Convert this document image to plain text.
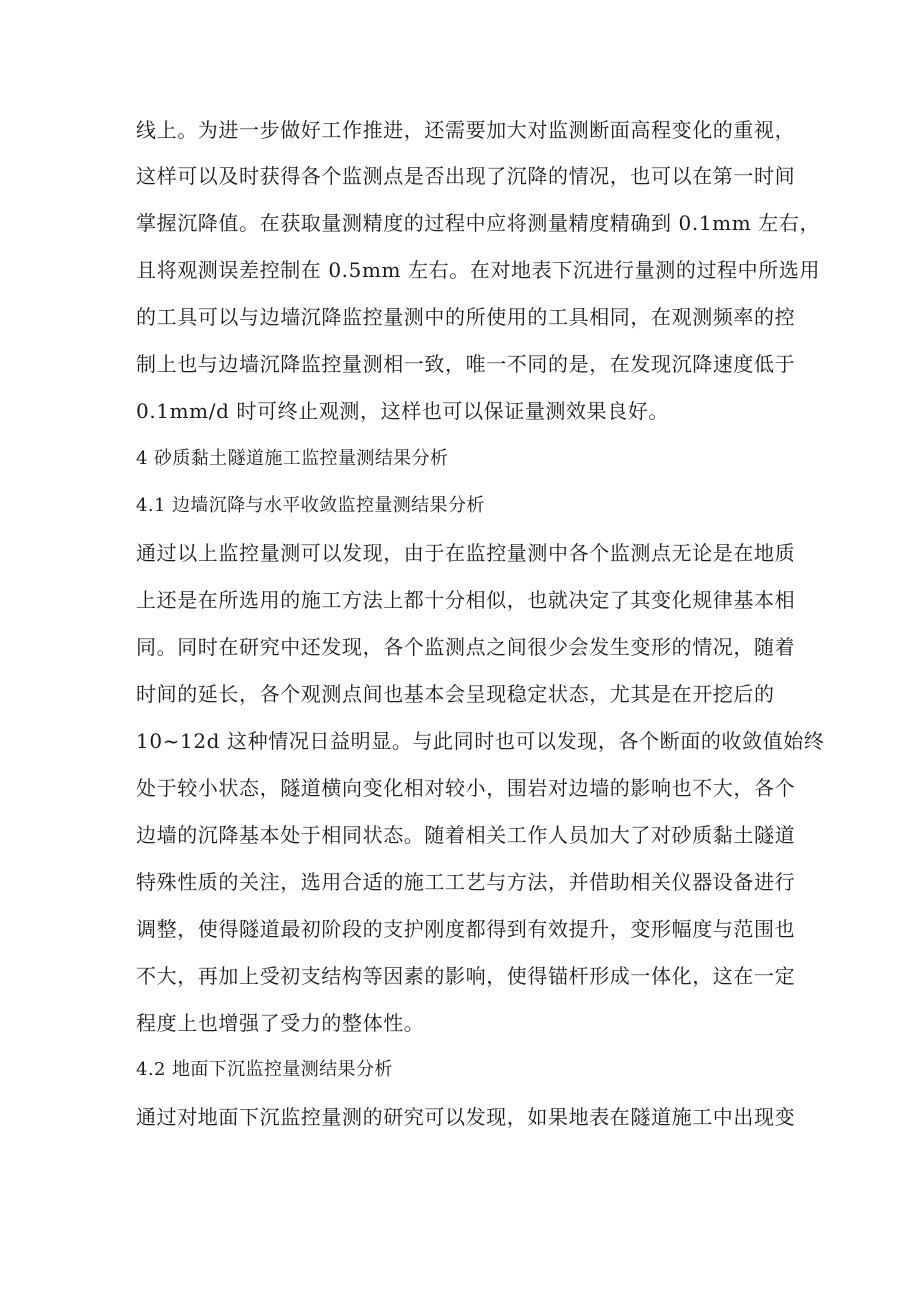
线上。为进一步做好工作推进，还需要加大对监测断面高程变化的重视，
这样可以及时获得各个监测点是否出现了沉降的情况，也可以在第一时间
掌握沉降值。在获取量测精度的过程中应将测量精度精确到 0.1mm 左右，
且将观测误差控制在 0.5mm 左右。在对地表下沉进行量测的过程中所选用
的工具可以与边墙沉降监控量测中的所使用的工具相同，在观测频率的控
制上也与边墙沉降监控量测相一致，唯一不同的是，在发现沉降速度低于
0.1mm/d 时可终止观测，这样也可以保证量测效果良好。
4 砂质黏土隧道施工监控量测结果分析
4.1 边墙沉降与水平收敛监控量测结果分析
通过以上监控量测可以发现，由于在监控量测中各个监测点无论是在地质
上还是在所选用的施工方法上都十分相似，也就决定了其变化规律基本相
同。同时在研究中还发现，各个监测点之间很少会发生变形的情况，随着
时间的延长，各个观测点间也基本会呈现稳定状态，尤其是在开挖后的
10~12d 这种情况日益明显。与此同时也可以发现，各个断面的收敛值始终
处于较小状态，隧道横向变化相对较小，围岩对边墙的影响也不大，各个
边墙的沉降基本处于相同状态。随着相关工作人员加大了对砂质黏土隧道
特殊性质的关注，选用合适的施工工艺与方法，并借助相关仪器设备进行
调整，使得隧道最初阶段的支护刚度都得到有效提升，变形幅度与范围也
不大，再加上受初支结构等因素的影响，使得锚杆形成一体化，这在一定
程度上也增强了受力的整体性。
4.2 地面下沉监控量测结果分析
通过对地面下沉监控量测的研究可以发现，如果地表在隧道施工中出现变
